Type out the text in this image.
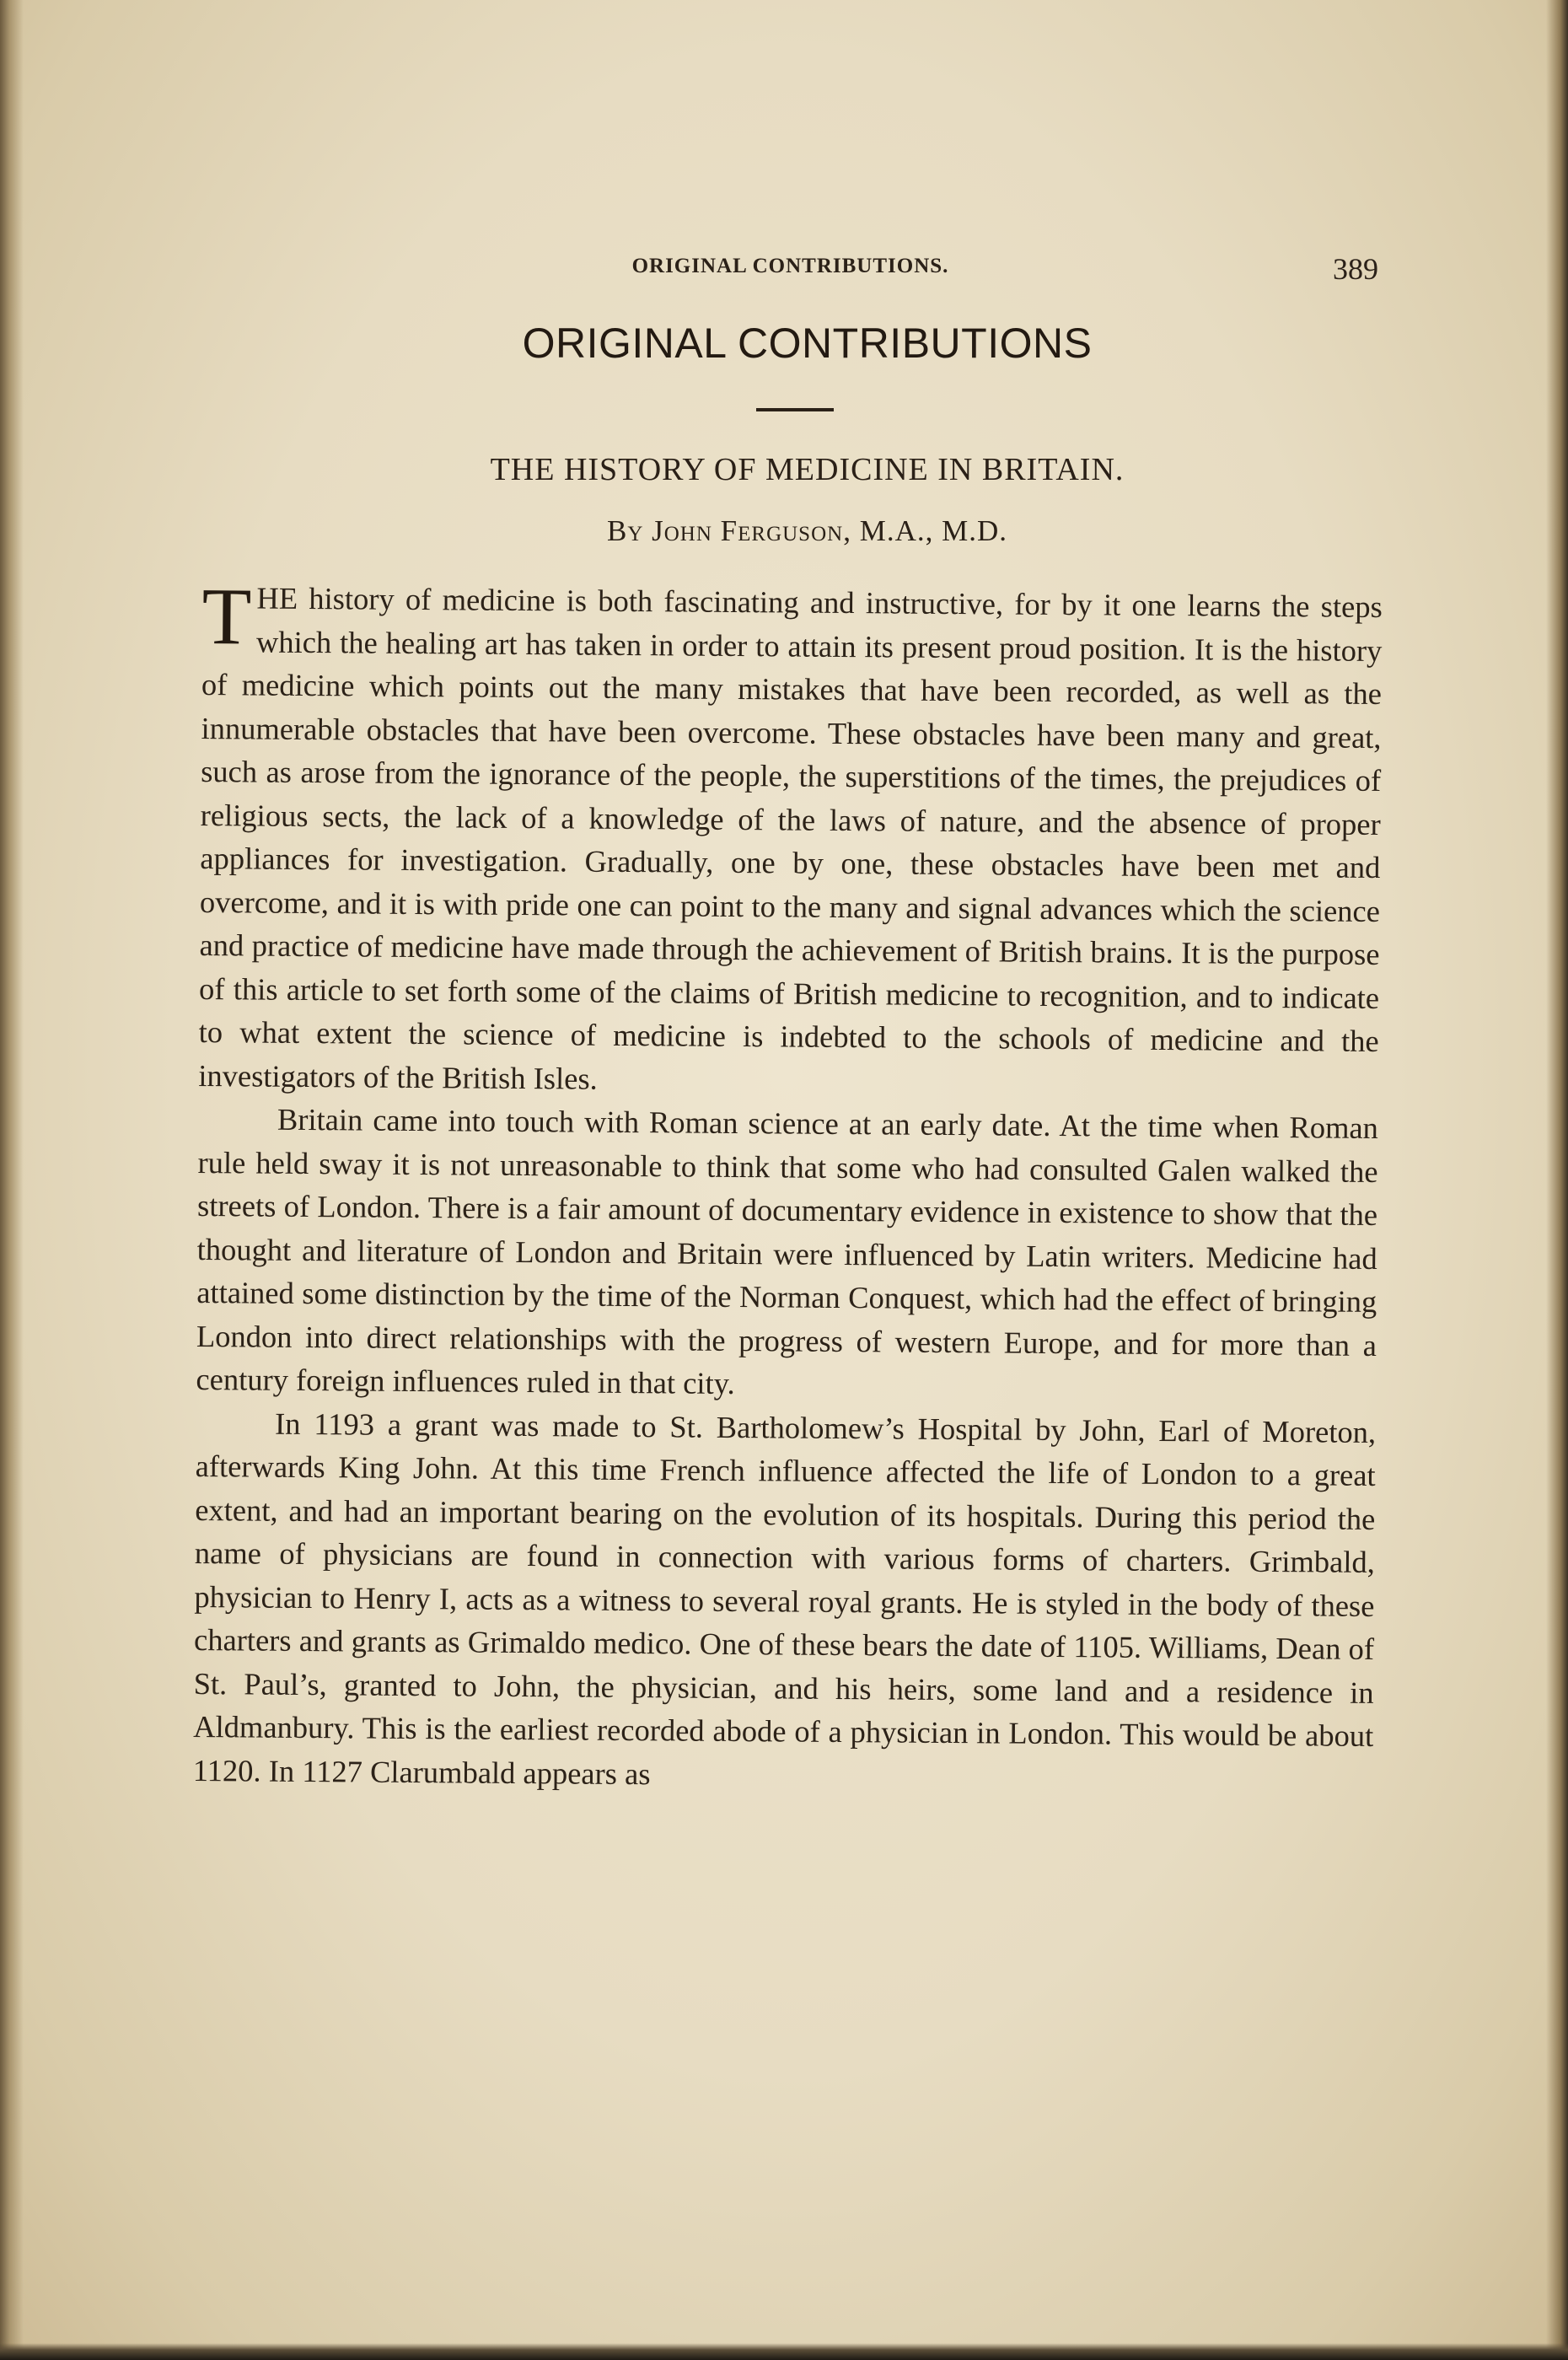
ORIGINAL CONTRIBUTIONS.	389
ORIGINAL CONTRIBUTIONS
THE HISTORY OF MEDICINE IN BRITAIN.
By John Ferguson, M.A., M.D.

THE history of medicine is both fascinating and instructive, for by it one learns the steps which the healing art has taken in order to attain its present proud position. It is the history of medicine which points out the many mistakes that have been recorded, as well as the innumerable obstacles that have been overcome. These obstacles have been many and great, such as arose from the ignorance of the people, the superstitions of the times, the prejudices of religious sects, the lack of a knowledge of the laws of nature, and the absence of proper appliances for investigation. Gradually, one by one, these obstacles have been met and overcome, and it is with pride one can point to the many and signal advances which the science and practice of medicine have made through the achievement of British brains. It is the purpose of this article to set forth some of the claims of British medicine to recognition, and to indicate to what extent the science of medicine is indebted to the schools of medicine and the investigators of the British Isles.

Britain came into touch with Roman science at an early date. At the time when Roman rule held sway it is not unreasonable to think that some who had consulted Galen walked the streets of London. There is a fair amount of documentary evidence in existence to show that the thought and literature of London and Britain were influenced by Latin writers. Medicine had attained some distinction by the time of the Norman Conquest, which had the effect of bringing London into direct relationships with the progress of western Europe, and for more than a century foreign influences ruled in that city.

In 1193 a grant was made to St. Bartholomew’s Hospital by John, Earl of Moreton, afterwards King John. At this time French influence affected the life of London to a great extent, and had an important bearing on the evolution of its hospitals. During this period the name of physicians are found in connection with various forms of charters. Grimbald, physician to Henry I, acts as a witness to several royal grants. He is styled in the body of these charters and grants as Grimaldo medico. One of these bears the date of 1105. Williams, Dean of St. Paul’s, granted to John, the physician, and his heirs, some land and a residence in Aldmanbury. This is the earliest recorded abode of a physician in London. This would be about 1120. In 1127 Clarumbald appears as
